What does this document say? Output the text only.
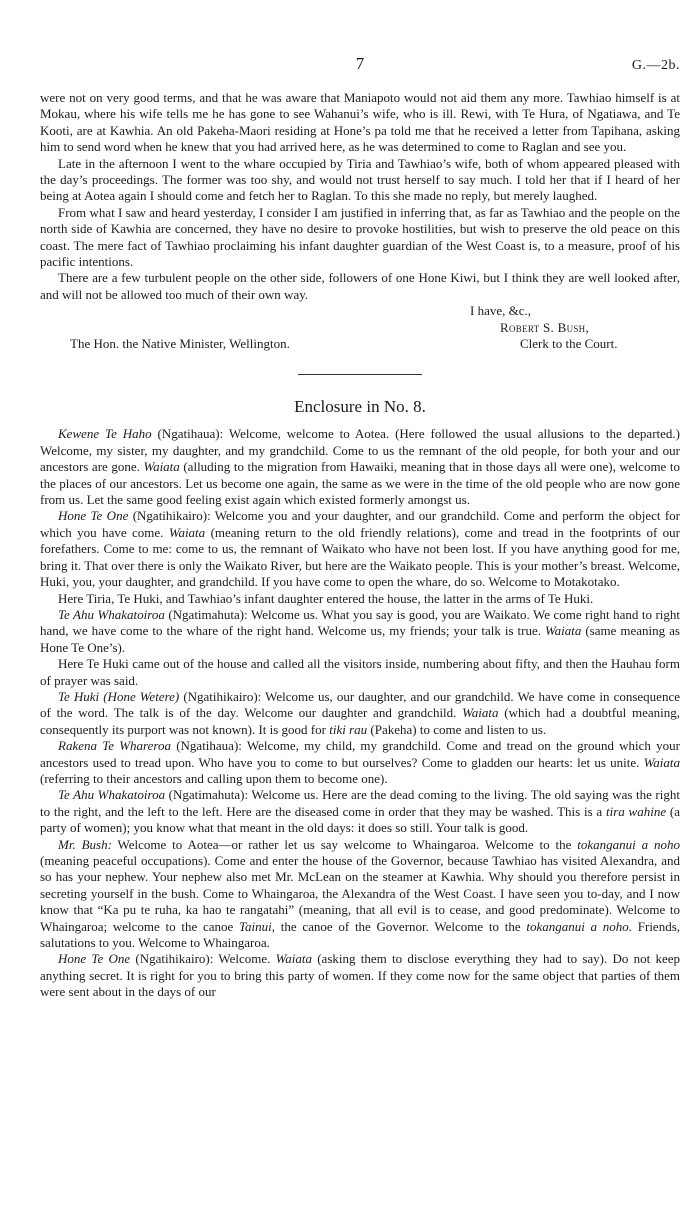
7	G.—2b.

were not on very good terms, and that he was aware that Maniapoto would not aid them any more. Tawhiao himself is at Mokau, where his wife tells me he has gone to see Wahanui’s wife, who is ill. Rewi, with Te Hura, of Ngatiawa, and Te Kooti, are at Kawhia. An old Pakeha-Maori residing at Hone’s pa told me that he received a letter from Tapihana, asking him to send word when he knew that you had arrived here, as he was determined to come to Raglan and see you.

Late in the afternoon I went to the whare occupied by Tiria and Tawhiao’s wife, both of whom appeared pleased with the day’s proceedings. The former was too shy, and would not trust herself to say much. I told her that if I heard of her being at Aotea again I should come and fetch her to Raglan. To this she made no reply, but merely laughed.

From what I saw and heard yesterday, I consider I am justified in inferring that, as far as Tawhiao and the people on the north side of Kawhia are concerned, they have no desire to provoke hostilities, but wish to preserve the old peace on this coast. The mere fact of Tawhiao proclaiming his infant daughter guardian of the West Coast is, to a measure, proof of his pacific intentions.

There are a few turbulent people on the other side, followers of one Hone Kiwi, but I think they are well looked after, and will not be allowed too much of their own way.

I have, &c.,
Robert S. Bush,
The Hon. the Native Minister, Wellington.	Clerk to the Court.
Enclosure in No. 8.

Kewene Te Haho (Ngatihaua): Welcome, welcome to Aotea. (Here followed the usual allusions to the departed.) Welcome, my sister, my daughter, and my grandchild. Come to us the remnant of the old people, for both your and our ancestors are gone. Waiata (alluding to the migration from Hawaiki, meaning that in those days all were one), welcome to the places of our ancestors. Let us become one again, the same as we were in the time of the old people who are now gone from us. Let the same good feeling exist again which existed formerly amongst us.

Hone Te One (Ngatihikairo): Welcome you and your daughter, and our grandchild. Come and perform the object for which you have come. Waiata (meaning return to the old friendly relations), come and tread in the footprints of our forefathers. Come to me: come to us, the remnant of Waikato who have not been lost. If you have anything good for me, bring it. That over there is only the Waikato River, but here are the Waikato people. This is your mother’s breast. Welcome, Huki, you, your daughter, and grandchild. If you have come to open the whare, do so. Welcome to Motakotako.

Here Tiria, Te Huki, and Tawhiao’s infant daughter entered the house, the latter in the arms of Te Huki.

Te Ahu Whakatoiroa (Ngatimahuta): Welcome us. What you say is good, you are Waikato. We come right hand to right hand, we have come to the whare of the right hand. Welcome us, my friends; your talk is true. Waiata (same meaning as Hone Te One’s).

Here Te Huki came out of the house and called all the visitors inside, numbering about fifty, and then the Hauhau form of prayer was said.

Te Huki (Hone Wetere) (Ngatihikairo): Welcome us, our daughter, and our grandchild. We have come in consequence of the word. The talk is of the day. Welcome our daughter and grandchild. Waiata (which had a doubtful meaning, consequently its purport was not known). It is good for tiki rau (Pakeha) to come and listen to us.

Rakena Te Whareroa (Ngatihaua): Welcome, my child, my grandchild. Come and tread on the ground which your ancestors used to tread upon. Who have you to come to but ourselves? Come to gladden our hearts: let us unite. Waiata (referring to their ancestors and calling upon them to become one).

Te Ahu Whakatoiroa (Ngatimahuta): Welcome us. Here are the dead coming to the living. The old saying was the right to the right, and the left to the left. Here are the diseased come in order that they may be washed. This is a tira wahine (a party of women); you know what that meant in the old days: it does so still. Your talk is good.

Mr. Bush: Welcome to Aotea—or rather let us say welcome to Whaingaroa. Welcome to the tokanganui a noho (meaning peaceful occupations). Come and enter the house of the Governor, because Tawhiao has visited Alexandra, and so has your nephew. Your nephew also met Mr. McLean on the steamer at Kawhia. Why should you therefore persist in secreting yourself in the bush. Come to Whaingaroa, the Alexandra of the West Coast. I have seen you to-day, and I now know that “Ka pu te ruha, ka hao te rangatahi” (meaning, that all evil is to cease, and good predominate). Welcome to Whaingaroa; welcome to the canoe Tainui, the canoe of the Governor. Welcome to the tokanganui a noho. Friends, salutations to you. Welcome to Whaingaroa.

Hone Te One (Ngatihikairo): Welcome. Waiata (asking them to disclose everything they had to say). Do not keep anything secret. It is right for you to bring this party of women. If they come now for the same object that parties of them were sent about in the days of our
